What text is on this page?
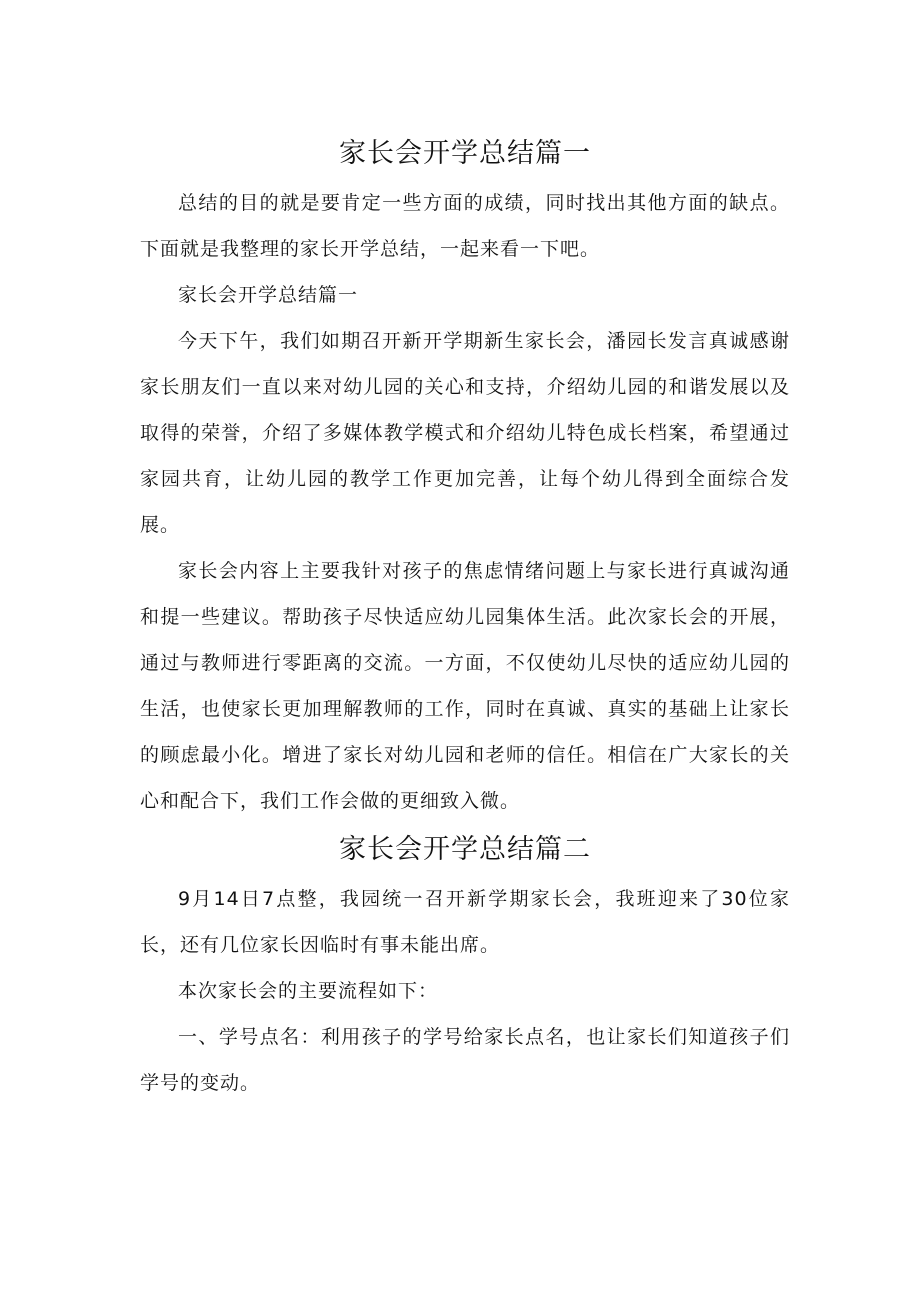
家长会开学总结篇一

总结的目的就是要肯定一些方面的成绩，同时找出其他方面的缺点。下面就是我整理的家长开学总结，一起来看一下吧。

家长会开学总结篇一

今天下午，我们如期召开新开学期新生家长会，潘园长发言真诚感谢家长朋友们一直以来对幼儿园的关心和支持，介绍幼儿园的和谐发展以及取得的荣誉，介绍了多媒体教学模式和介绍幼儿特色成长档案，希望通过家园共育，让幼儿园的教学工作更加完善，让每个幼儿得到全面综合发展。

家长会内容上主要我针对孩子的焦虑情绪问题上与家长进行真诚沟通和提一些建议。帮助孩子尽快适应幼儿园集体生活。此次家长会的开展，通过与教师进行零距离的交流。一方面，不仅使幼儿尽快的适应幼儿园的生活，也使家长更加理解教师的工作，同时在真诚、真实的基础上让家长的顾虑最小化。增进了家长对幼儿园和老师的信任。相信在广大家长的关心和配合下，我们工作会做的更细致入微。

家长会开学总结篇二

9月14日7点整，我园统一召开新学期家长会，我班迎来了30位家长，还有几位家长因临时有事未能出席。

本次家长会的主要流程如下：

一、学号点名：利用孩子的学号给家长点名，也让家长们知道孩子们学号的变动。
